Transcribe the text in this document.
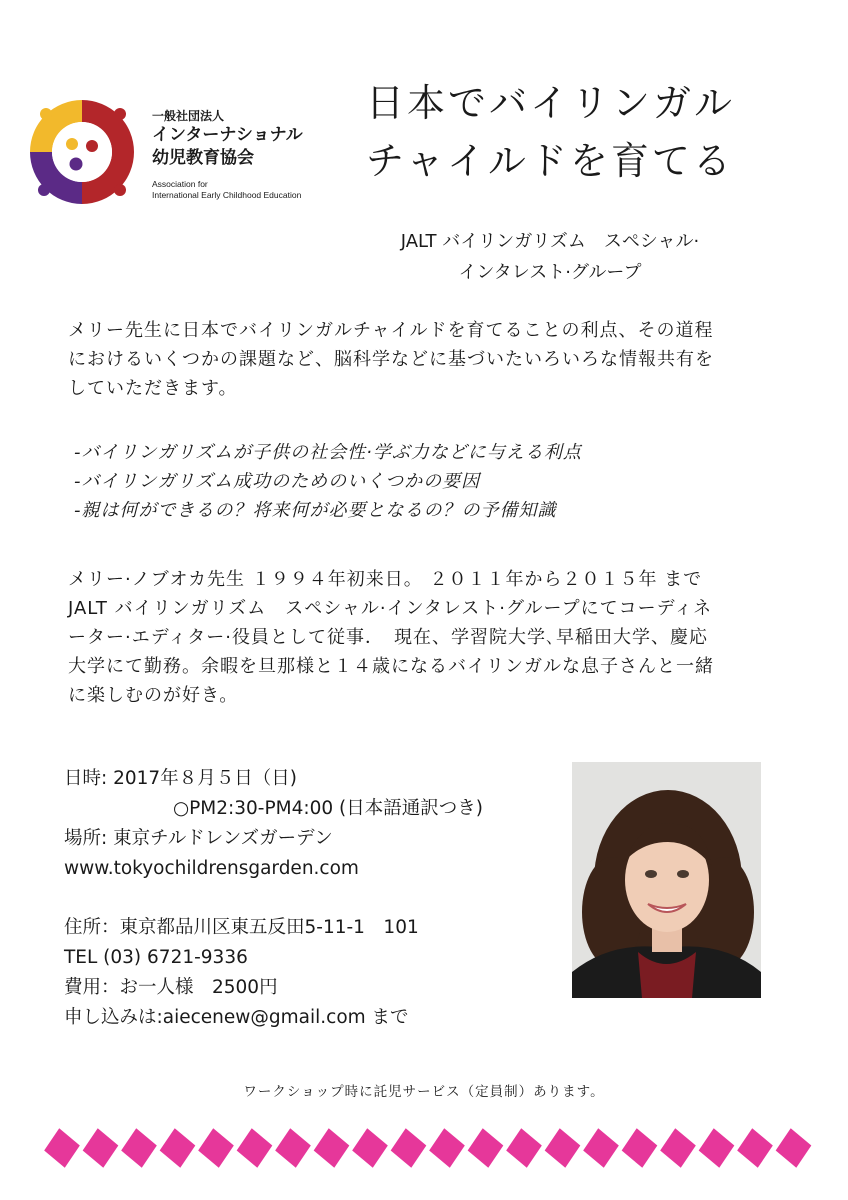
一般社団法人
インターナショナル
幼児教育協会
Association for
International Early Childhood Education
日本でバイリンガル
チャイルドを育てる
JALT バイリンガリズム　スペシャル·
インタレスト·グループ
メリー先生に日本でバイリンガルチャイルドを育てることの利点、その道程
におけるいくつかの課題など、脳科学などに基づいたいろいろな情報共有を
していただきます。
-バイリンガリズムが子供の社会性·学ぶ力などに与える利点
-バイリンガリズム成功のためのいくつかの要因
-親は何ができるの？将来何が必要となるの？の予備知識
メリー·ノブオカ先生 １９９４年初来日。 ２０１１年から２０１５年 まで
JALT バイリンガリズム　スペシャル·インタレスト·グループにてコーディネ
ーター·エディター·役員として従事．　現在、学習院大学､早稲田大学、慶応
大学にて勤務。余暇を旦那様と１４歳になるバイリンガルな息子さんと一緒
に楽しむのが好き。
日時: 2017年８月５日（日)
○PM2:30-PM4:00 (日本語通訳つき)
場所: 東京チルドレンズガーデン
www.tokyochildrensgarden.com
住所：東京都品川区東五反田5-11-1　101
TEL (03) 6721-9336
費用：お一人様　2500円
申し込みは:aiecenew@gmail.com まで
ワークショップ時に託児サービス（定員制）あります。
